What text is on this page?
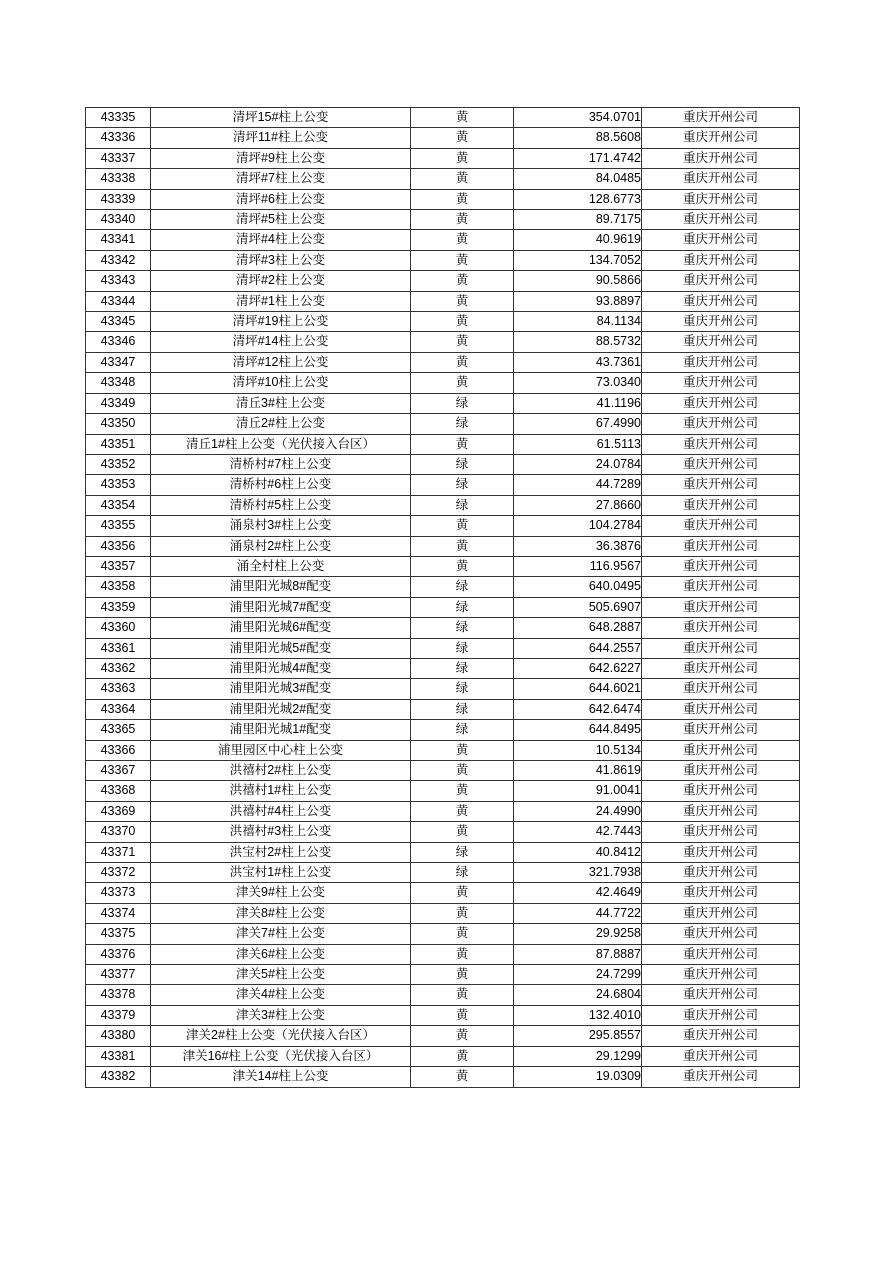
43335	清坪15#柱上公变	黄	354.0701	重庆开州公司
43336	清坪11#柱上公变	黄	88.5608	重庆开州公司
43337	清坪#9柱上公变	黄	171.4742	重庆开州公司
43338	清坪#7柱上公变	黄	84.0485	重庆开州公司
43339	清坪#6柱上公变	黄	128.6773	重庆开州公司
43340	清坪#5柱上公变	黄	89.7175	重庆开州公司
43341	清坪#4柱上公变	黄	40.9619	重庆开州公司
43342	清坪#3柱上公变	黄	134.7052	重庆开州公司
43343	清坪#2柱上公变	黄	90.5866	重庆开州公司
43344	清坪#1柱上公变	黄	93.8897	重庆开州公司
43345	清坪#19柱上公变	黄	84.1134	重庆开州公司
43346	清坪#14柱上公变	黄	88.5732	重庆开州公司
43347	清坪#12柱上公变	黄	43.7361	重庆开州公司
43348	清坪#10柱上公变	黄	73.0340	重庆开州公司
43349	清丘3#柱上公变	绿	41.1196	重庆开州公司
43350	清丘2#柱上公变	绿	67.4990	重庆开州公司
43351	清丘1#柱上公变（光伏接入台区）	黄	61.5113	重庆开州公司
43352	清桥村#7柱上公变	绿	24.0784	重庆开州公司
43353	清桥村#6柱上公变	绿	44.7289	重庆开州公司
43354	清桥村#5柱上公变	绿	27.8660	重庆开州公司
43355	涌泉村3#柱上公变	黄	104.2784	重庆开州公司
43356	涌泉村2#柱上公变	黄	36.3876	重庆开州公司
43357	涌全村柱上公变	黄	116.9567	重庆开州公司
43358	浦里阳光城8#配变	绿	640.0495	重庆开州公司
43359	浦里阳光城7#配变	绿	505.6907	重庆开州公司
43360	浦里阳光城6#配变	绿	648.2887	重庆开州公司
43361	浦里阳光城5#配变	绿	644.2557	重庆开州公司
43362	浦里阳光城4#配变	绿	642.6227	重庆开州公司
43363	浦里阳光城3#配变	绿	644.6021	重庆开州公司
43364	浦里阳光城2#配变	绿	642.6474	重庆开州公司
43365	浦里阳光城1#配变	绿	644.8495	重庆开州公司
43366	浦里园区中心柱上公变	黄	10.5134	重庆开州公司
43367	洪禧村2#柱上公变	黄	41.8619	重庆开州公司
43368	洪禧村1#柱上公变	黄	91.0041	重庆开州公司
43369	洪禧村#4柱上公变	黄	24.4990	重庆开州公司
43370	洪禧村#3柱上公变	黄	42.7443	重庆开州公司
43371	洪宝村2#柱上公变	绿	40.8412	重庆开州公司
43372	洪宝村1#柱上公变	绿	321.7938	重庆开州公司
43373	津关9#柱上公变	黄	42.4649	重庆开州公司
43374	津关8#柱上公变	黄	44.7722	重庆开州公司
43375	津关7#柱上公变	黄	29.9258	重庆开州公司
43376	津关6#柱上公变	黄	87.8887	重庆开州公司
43377	津关5#柱上公变	黄	24.7299	重庆开州公司
43378	津关4#柱上公变	黄	24.6804	重庆开州公司
43379	津关3#柱上公变	黄	132.4010	重庆开州公司
43380	津关2#柱上公变（光伏接入台区）	黄	295.8557	重庆开州公司
43381	津关16#柱上公变（光伏接入台区）	黄	29.1299	重庆开州公司
43382	津关14#柱上公变	黄	19.0309	重庆开州公司
